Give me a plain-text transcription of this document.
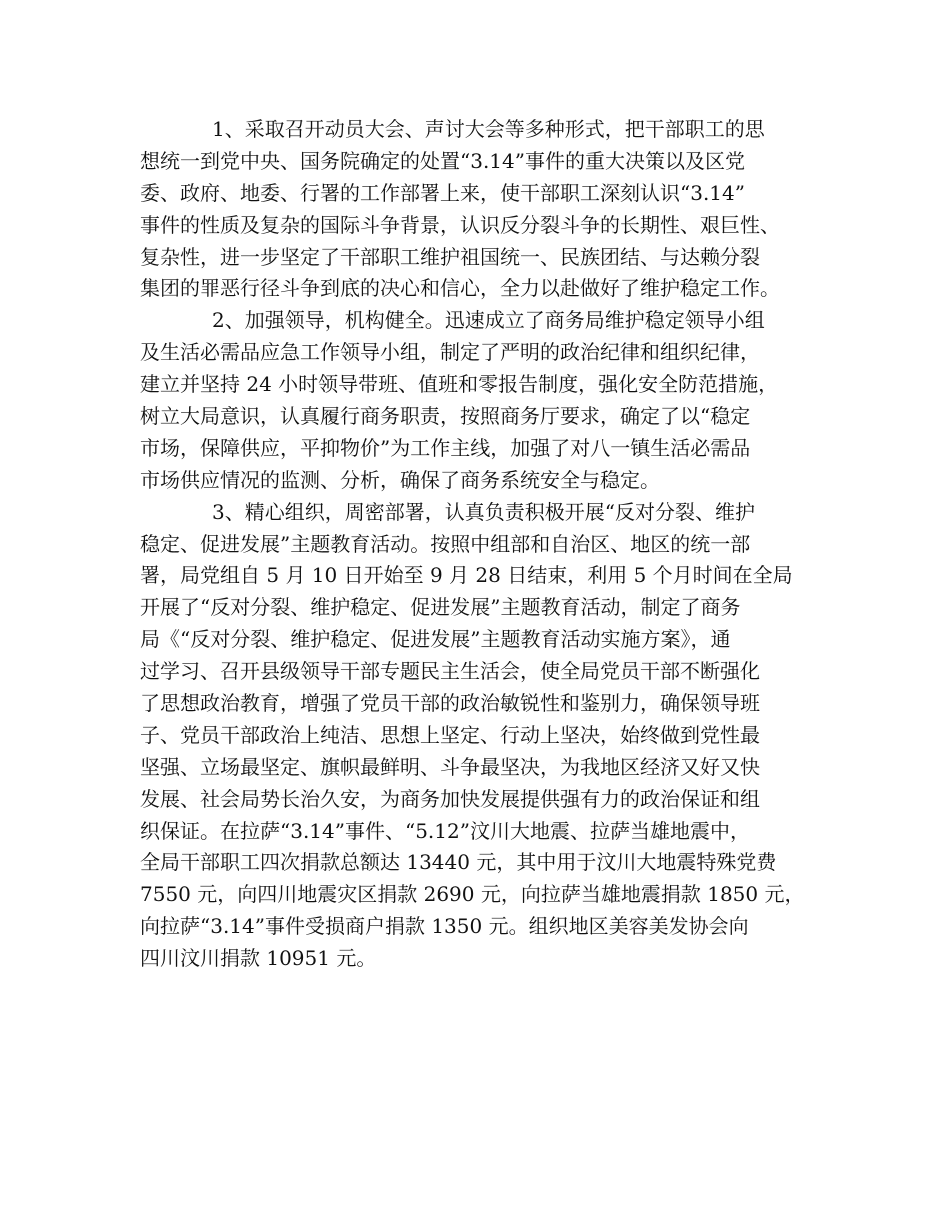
1、采取召开动员大会、声讨大会等多种形式，把干部职工的思
想统一到党中央、国务院确定的处置“3.14”事件的重大决策以及区党
委、政府、地委、行署的工作部署上来，使干部职工深刻认识“3.14”
事件的性质及复杂的国际斗争背景，认识反分裂斗争的长期性、艰巨性、
复杂性，进一步坚定了干部职工维护祖国统一、民族团结、与达赖分裂
集团的罪恶行径斗争到底的决心和信心，全力以赴做好了维护稳定工作。
2、加强领导，机构健全。迅速成立了商务局维护稳定领导小组
及生活必需品应急工作领导小组，制定了严明的政治纪律和组织纪律，
建立并坚持 24 小时领导带班、值班和零报告制度，强化安全防范措施，
树立大局意识，认真履行商务职责，按照商务厅要求，确定了以“稳定
市场，保障供应，平抑物价”为工作主线，加强了对八一镇生活必需品
市场供应情况的监测、分析，确保了商务系统安全与稳定。
3、精心组织，周密部署，认真负责积极开展“反对分裂、维护
稳定、促进发展”主题教育活动。按照中组部和自治区、地区的统一部
署，局党组自 5 月 10 日开始至 9 月 28 日结束，利用 5 个月时间在全局
开展了“反对分裂、维护稳定、促进发展”主题教育活动，制定了商务
局《“反对分裂、维护稳定、促进发展”主题教育活动实施方案》，通
过学习、召开县级领导干部专题民主生活会，使全局党员干部不断强化
了思想政治教育，增强了党员干部的政治敏锐性和鉴别力，确保领导班
子、党员干部政治上纯洁、思想上坚定、行动上坚决，始终做到党性最
坚强、立场最坚定、旗帜最鲜明、斗争最坚决，为我地区经济又好又快
发展、社会局势长治久安，为商务加快发展提供强有力的政治保证和组
织保证。在拉萨“3.14”事件、“5.12”汶川大地震、拉萨当雄地震中，
全局干部职工四次捐款总额达 13440 元，其中用于汶川大地震特殊党费
7550 元，向四川地震灾区捐款 2690 元，向拉萨当雄地震捐款 1850 元，
向拉萨“3.14”事件受损商户捐款 1350 元。组织地区美容美发协会向
四川汶川捐款 10951 元。
